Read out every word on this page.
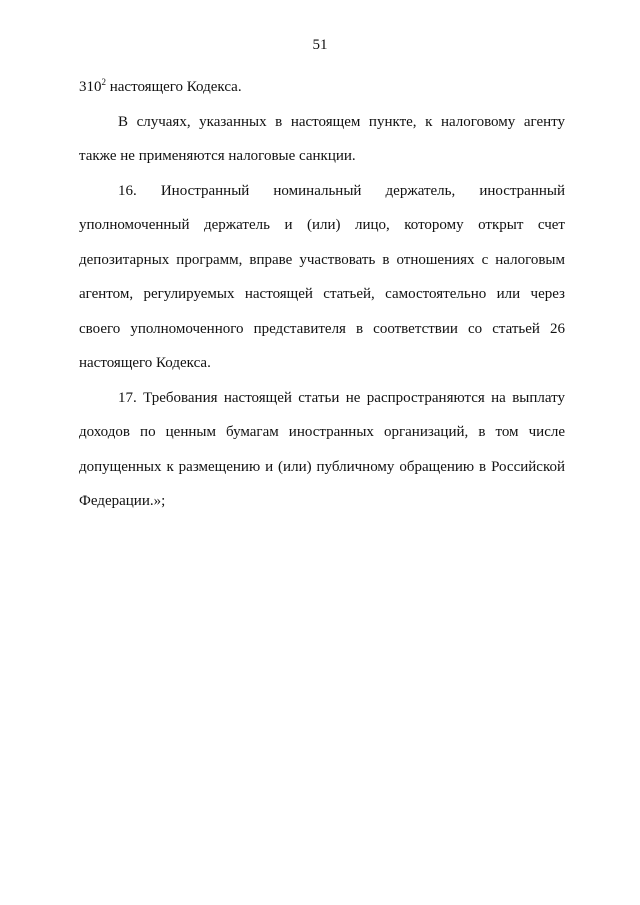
51

$310^2$ настоящего Кодекса.

В случаях, указанных в настоящем пункте, к налоговому агенту также не применяются налоговые санкции.

16. Иностранный номинальный держатель, иностранный уполномоченный держатель и (или) лицо, которому открыт счет депозитарных программ, вправе участвовать в отношениях с налоговым агентом, регулируемых настоящей статьей, самостоятельно или через своего уполномоченного представителя в соответствии со статьей 26 настоящего Кодекса.

17. Требования настоящей статьи не распространяются на выплату доходов по ценным бумагам иностранных организаций, в том числе допущенных к размещению и (или) публичному обращению в Российской Федерации.»;
